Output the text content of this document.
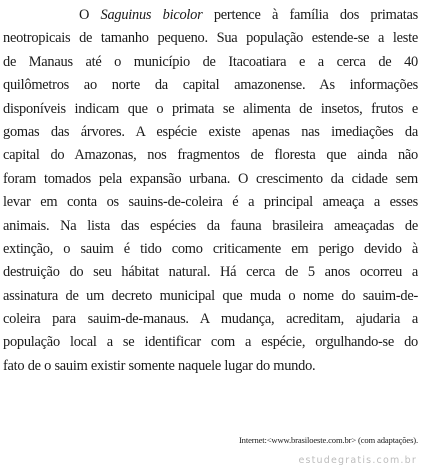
O Saguinus bicolor pertence à família dos primatas
neotropicais de tamanho pequeno. Sua população estende-se a leste
de Manaus até o município de Itacoatiara e a cerca de 40
quilômetros ao norte da capital amazonense. As informações
disponíveis indicam que o primata se alimenta de insetos, frutos e
gomas das árvores. A espécie existe apenas nas imediações da
capital do Amazonas, nos fragmentos de floresta que ainda não
foram tomados pela expansão urbana. O crescimento da cidade sem
levar em conta os sauins-de-coleira é a principal ameaça a esses
animais. Na lista das espécies da fauna brasileira ameaçadas de
extinção, o sauim é tido como criticamente em perigo devido à
destruição do seu hábitat natural. Há cerca de 5 anos ocorreu a
assinatura de um decreto municipal que muda o nome do sauim-de-
coleira para sauim-de-manaus. A mudança, acreditam, ajudaria a
população local a se identificar com a espécie, orgulhando-se do
fato de o sauim existir somente naquele lugar do mundo.
Internet:<www.brasiloeste.com.br> (com adaptações).
estudegratis.com.br
